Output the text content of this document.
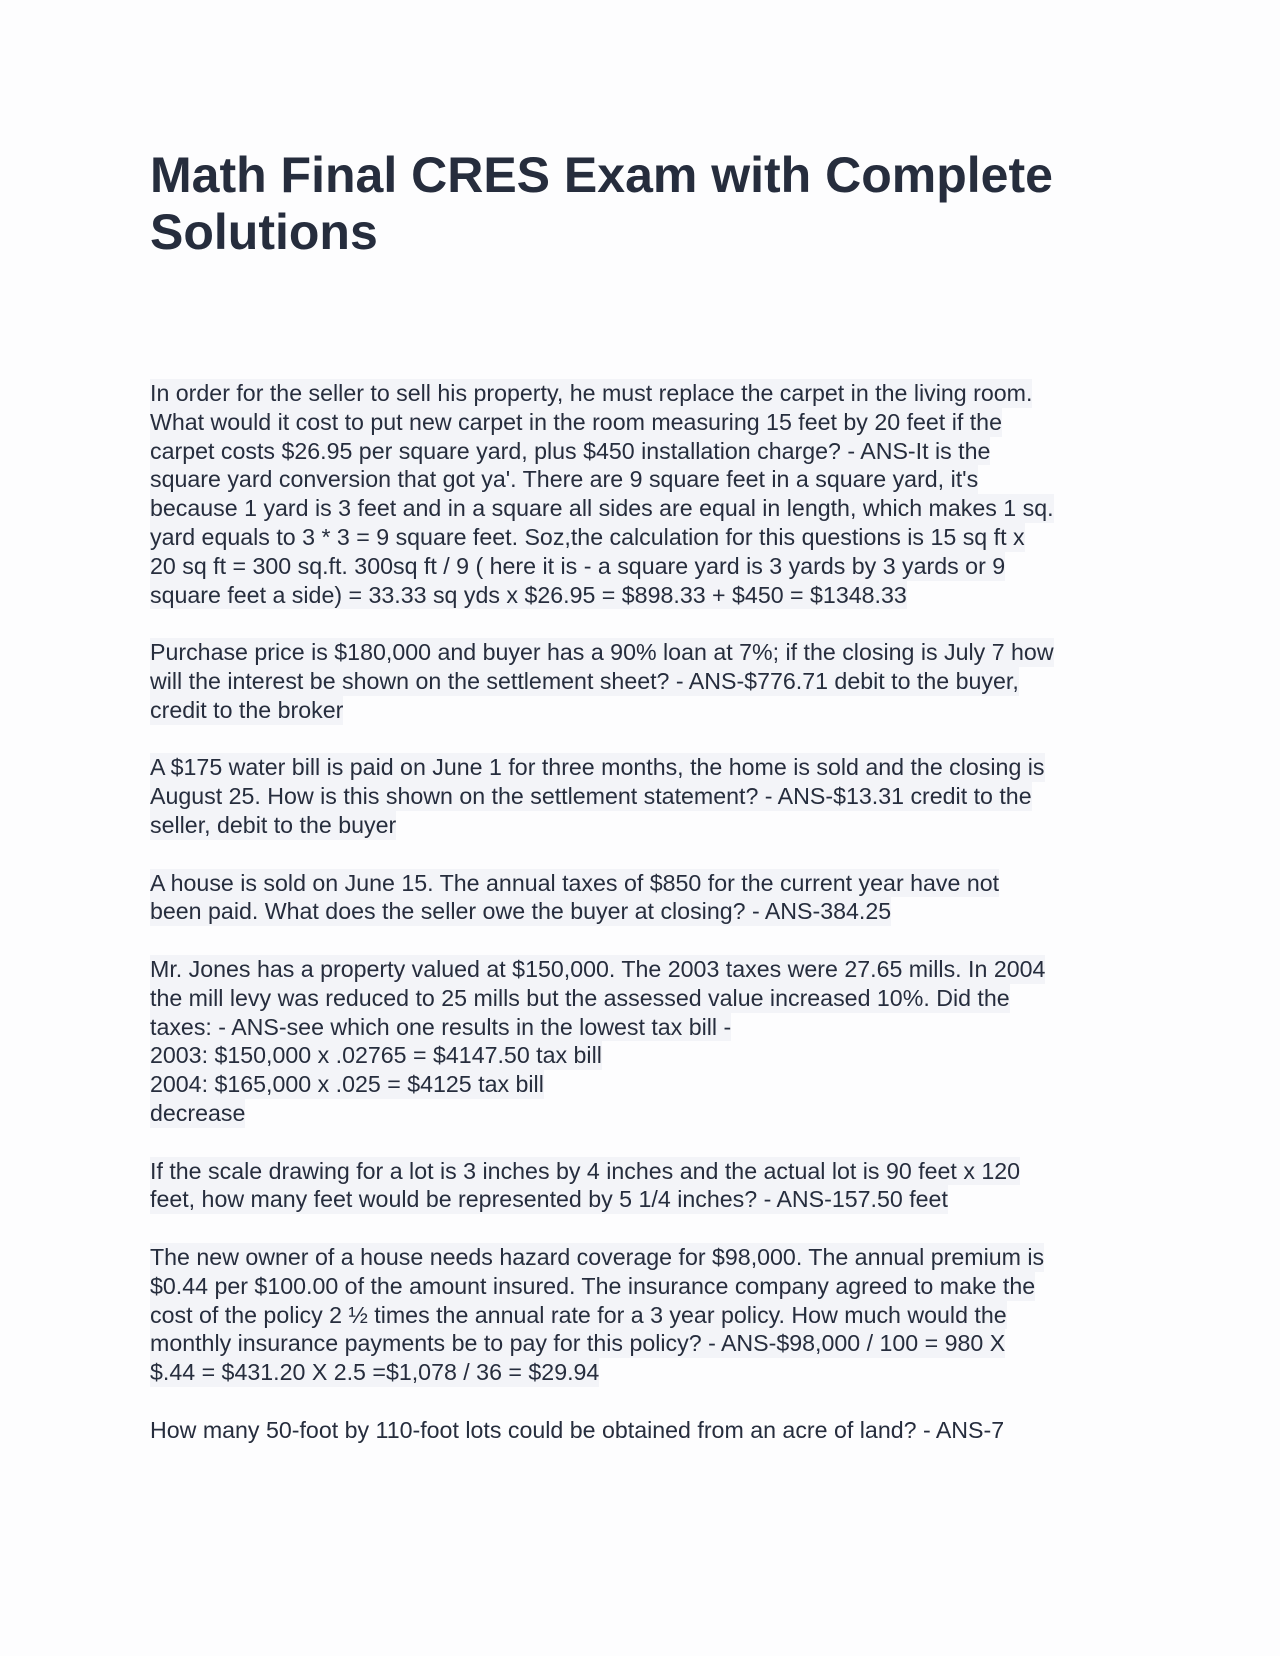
Math Final CRES Exam with Complete
Solutions

In order for the seller to sell his property, he must replace the carpet in the living room.
What would it cost to put new carpet in the room measuring 15 feet by 20 feet if the
carpet costs $26.95 per square yard, plus $450 installation charge? - ANS-It is the
square yard conversion that got ya'. There are 9 square feet in a square yard, it's
because 1 yard is 3 feet and in a square all sides are equal in length, which makes 1 sq.
yard equals to 3 * 3 = 9 square feet. Soz,the calculation for this questions is 15 sq ft x
20 sq ft = 300 sq.ft. 300sq ft / 9 ( here it is - a square yard is 3 yards by 3 yards or 9
square feet a side) = 33.33 sq yds x $26.95 = $898.33 + $450 = $1348.33

Purchase price is $180,000 and buyer has a 90% loan at 7%; if the closing is July 7 how
will the interest be shown on the settlement sheet? - ANS-$776.71 debit to the buyer,
credit to the broker

A $175 water bill is paid on June 1 for three months, the home is sold and the closing is
August 25. How is this shown on the settlement statement? - ANS-$13.31 credit to the
seller, debit to the buyer

A house is sold on June 15. The annual taxes of $850 for the current year have not
been paid. What does the seller owe the buyer at closing? - ANS-384.25

Mr. Jones has a property valued at $150,000. The 2003 taxes were 27.65 mills. In 2004
the mill levy was reduced to 25 mills but the assessed value increased 10%. Did the
taxes: - ANS-see which one results in the lowest tax bill -
2003: $150,000 x .02765 = $4147.50 tax bill
2004: $165,000 x .025 = $4125 tax bill
decrease

If the scale drawing for a lot is 3 inches by 4 inches and the actual lot is 90 feet x 120
feet, how many feet would be represented by 5 1/4 inches? - ANS-157.50 feet

The new owner of a house needs hazard coverage for $98,000. The annual premium is
$0.44 per $100.00 of the amount insured. The insurance company agreed to make the
cost of the policy 2 ½ times the annual rate for a 3 year policy. How much would the
monthly insurance payments be to pay for this policy? - ANS-$98,000 / 100 = 980 X
$.44 = $431.20 X 2.5 =$1,078 / 36 = $29.94

How many 50-foot by 110-foot lots could be obtained from an acre of land? - ANS-7
